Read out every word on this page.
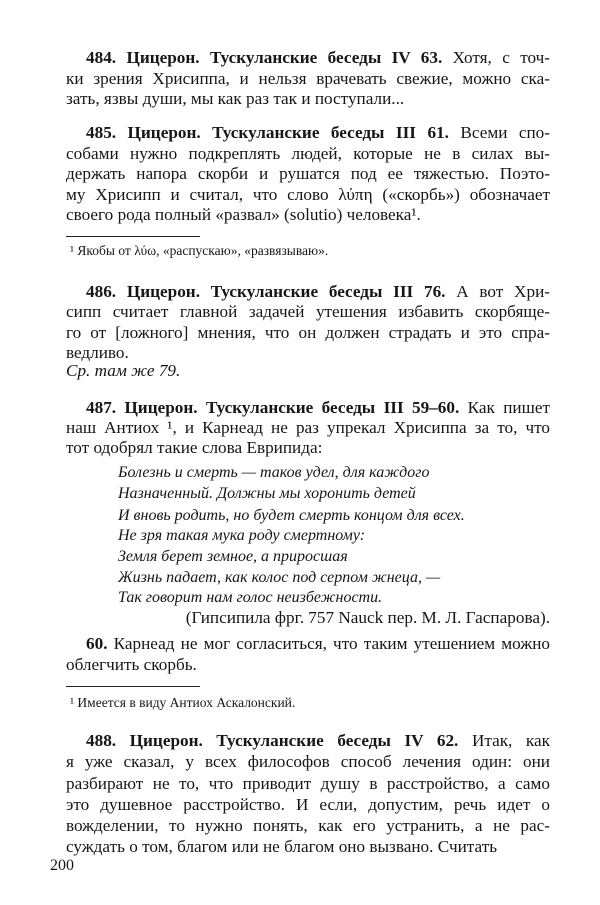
484. Цицерон. Тускуланские беседы IV 63. Хотя, с точ-
ки зрения Хрисиппа, и нельзя врачевать свежие, можно ска-
зать, язвы души, мы как раз так и поступали...
485. Цицерон. Тускуланские беседы III 61. Всеми спо-
собами нужно подкреплять людей, которые не в силах вы-
держать напора скорби и рушатся под ее тяжестью. Поэто-
му Хрисипп и считал, что слово λύπη («скорбь») обозначает
своего рода полный «развал» (solutio) человека¹.
486. Цицерон. Тускуланские беседы III 76. А вот Хри-
сипп считает главной задачей утешения избавить скорбяще-
го от [ложного] мнения, что он должен страдать и это спра-
ведливо.
487. Цицерон. Тускуланские беседы III 59–60. Как пишет
наш Антиох ¹, и Карнеад не раз упрекал Хрисиппа за то, что
тот одобрял такие слова Еврипида:
60. Карнеад не мог согласиться, что таким утешением можно
облегчить скорбь.
488. Цицерон. Тускуланские беседы IV 62. Итак, как
я уже сказал, у всех философов способ лечения один: они
разбирают не то, что приводит душу в расстройство, а само
это душевное расстройство. И если, допустим, речь идет о
вожделении, то нужно понять, как его устранить, а не рас-
суждать о том, благом или не благом оно вызвано. Считать
Ср. там же 79.
Болезнь и смерть — таков удел, для каждого
Назначенный. Должны мы хоронить детей
И вновь родить, но будет смерть концом для всех.
Не зря такая мука роду смертному:
Земля берет земное, а приросшая
Жизнь падает, как колос под серпом жнеца, —
Так говорит нам голос неизбежности.
(Гипсипила фрг. 757 Nauck пер. М. Л. Гаспарова).
¹ Якобы от λύω, «распускаю», «развязываю».
¹ Имеется в виду Антиох Аскалонский.
200
